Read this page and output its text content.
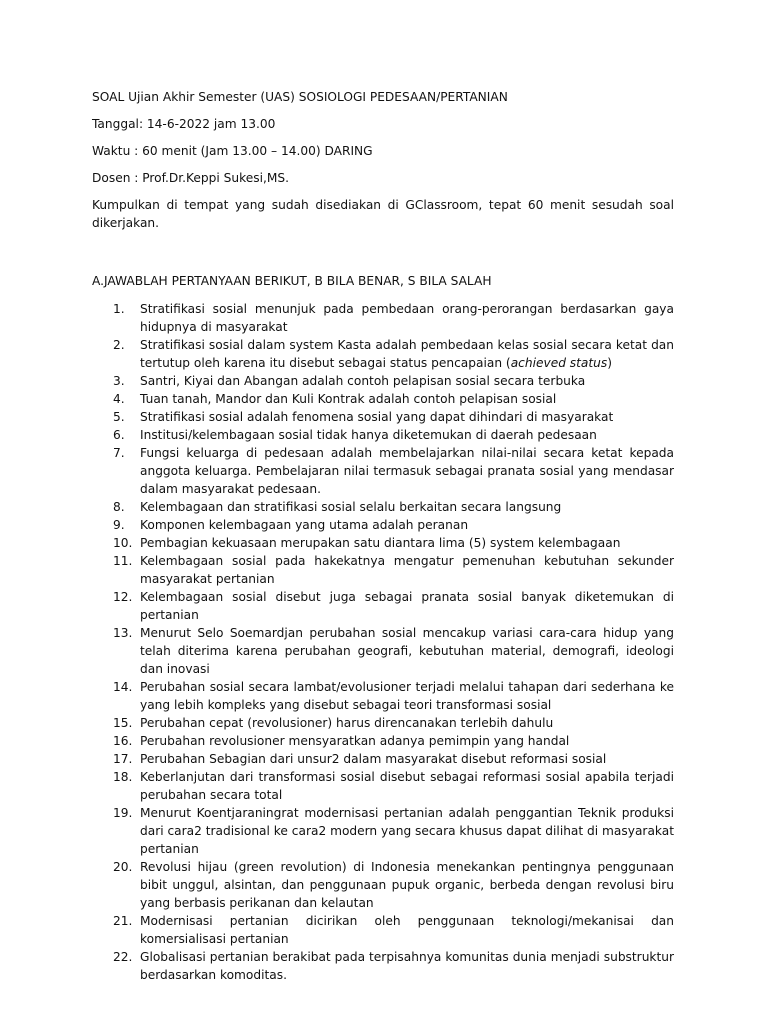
SOAL Ujian Akhir Semester (UAS) SOSIOLOGI PEDESAAN/PERTANIAN

Tanggal: 14-6-2022 jam 13.00

Waktu : 60 menit (Jam 13.00 – 14.00) DARING

Dosen : Prof.Dr.Keppi Sukesi,MS.

Kumpulkan di tempat yang sudah disediakan di GClassroom, tepat 60 menit sesudah soal dikerjakan.

A.JAWABLAH PERTANYAAN BERIKUT, B BILA BENAR, S BILA SALAH

1. Stratifikasi sosial menunjuk pada pembedaan orang-perorangan berdasarkan gaya hidupnya di masyarakat
2. Stratifikasi sosial dalam system Kasta adalah pembedaan kelas sosial secara ketat dan tertutup oleh karena itu disebut sebagai status pencapaian (achieved status)
3. Santri, Kiyai dan Abangan adalah contoh pelapisan sosial secara terbuka
4. Tuan tanah, Mandor dan Kuli Kontrak adalah contoh pelapisan sosial
5. Stratifikasi sosial adalah fenomena sosial yang dapat dihindari di masyarakat
6. Institusi/kelembagaan sosial tidak hanya diketemukan di daerah pedesaan
7. Fungsi keluarga di pedesaan adalah membelajarkan nilai-nilai secara ketat kepada anggota keluarga. Pembelajaran nilai termasuk sebagai pranata sosial yang mendasar dalam masyarakat pedesaan.
8. Kelembagaan dan stratifikasi sosial selalu berkaitan secara langsung
9. Komponen kelembagaan yang utama adalah peranan
10. Pembagian kekuasaan merupakan satu diantara lima (5) system kelembagaan
11. Kelembagaan sosial pada hakekatnya mengatur pemenuhan kebutuhan sekunder masyarakat pertanian
12. Kelembagaan sosial disebut juga sebagai pranata sosial banyak diketemukan di pertanian
13. Menurut Selo Soemardjan perubahan sosial mencakup variasi cara-cara hidup yang telah diterima karena perubahan geografi, kebutuhan material, demografi, ideologi dan inovasi
14. Perubahan sosial secara lambat/evolusioner terjadi melalui tahapan dari sederhana ke yang lebih kompleks yang disebut sebagai teori transformasi sosial
15. Perubahan cepat (revolusioner) harus direncanakan terlebih dahulu
16. Perubahan revolusioner mensyaratkan adanya pemimpin yang handal
17. Perubahan Sebagian dari unsur2 dalam masyarakat disebut reformasi sosial
18. Keberlanjutan dari transformasi sosial disebut sebagai reformasi sosial apabila terjadi perubahan secara total
19. Menurut Koentjaraningrat modernisasi pertanian adalah penggantian Teknik produksi dari cara2 tradisional ke cara2 modern yang secara khusus dapat dilihat di masyarakat pertanian
20. Revolusi hijau (green revolution) di Indonesia menekankan pentingnya penggunaan bibit unggul, alsintan, dan penggunaan pupuk organic, berbeda dengan revolusi biru yang berbasis perikanan dan kelautan
21. Modernisasi pertanian dicirikan oleh penggunaan teknologi/mekanisai dan komersialisasi pertanian
22. Globalisasi pertanian berakibat pada terpisahnya komunitas dunia menjadi substruktur berdasarkan komoditas.
